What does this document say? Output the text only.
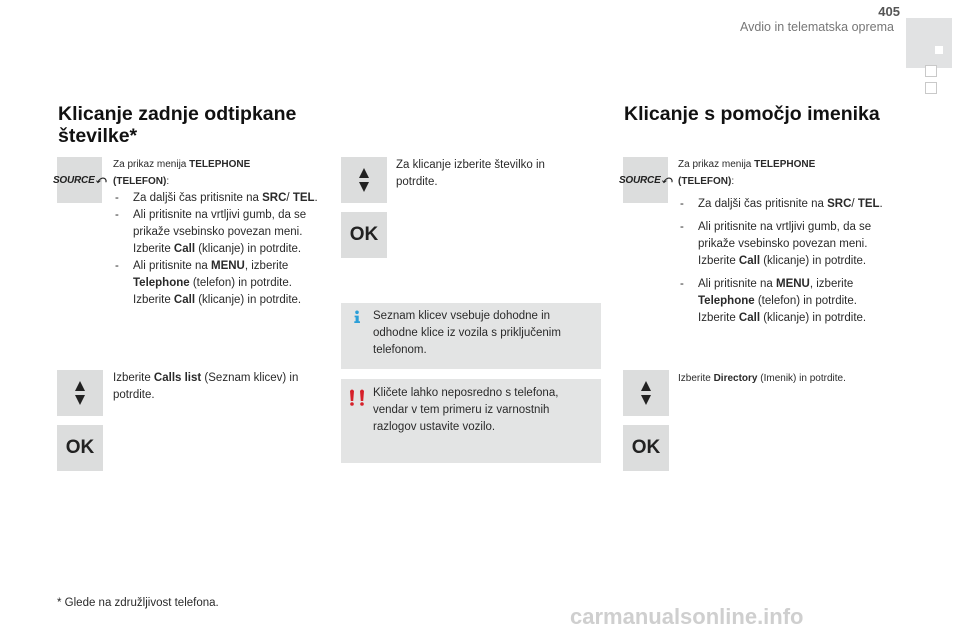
405
Avdio in telematska oprema
Klicanje zadnje odtipkane
številke*
SOURCE ⤺
Za prikaz menija TELEPHONE
(TELEFON):
- Za daljši čas pritisnite na SRC/ TEL.
- Ali pritisnite na vrtljivi gumb, da se prikaže vsebinsko povezan meni. Izberite Call (klicanje) in potrdite.
- Ali pritisnite na MENU, izberite Telephone (telefon) in potrdite. Izberite Call (klicanje) in potrdite.
Izberite Calls list (Seznam klicev) in potrdite.
OK
Za klicanje izberite številko in potrdite.
OK
Seznam klicev vsebuje dohodne in odhodne klice iz vozila s priključenim telefonom.
Kličete lahko neposredno s telefona, vendar v tem primeru iz varnostnih razlogov ustavite vozilo.
Klicanje s pomočjo imenika
SOURCE ⤺
Za prikaz menija TELEPHONE
(TELEFON):
- Za daljši čas pritisnite na SRC/ TEL.
- Ali pritisnite na vrtljivi gumb, da se prikaže vsebinsko povezan meni. Izberite Call (klicanje) in potrdite.
- Ali pritisnite na MENU, izberite Telephone (telefon) in potrdite. Izberite Call (klicanje) in potrdite.
Izberite Directory (Imenik) in potrdite.
OK
* Glede na združljivost telefona.
carmanualsonline.info
